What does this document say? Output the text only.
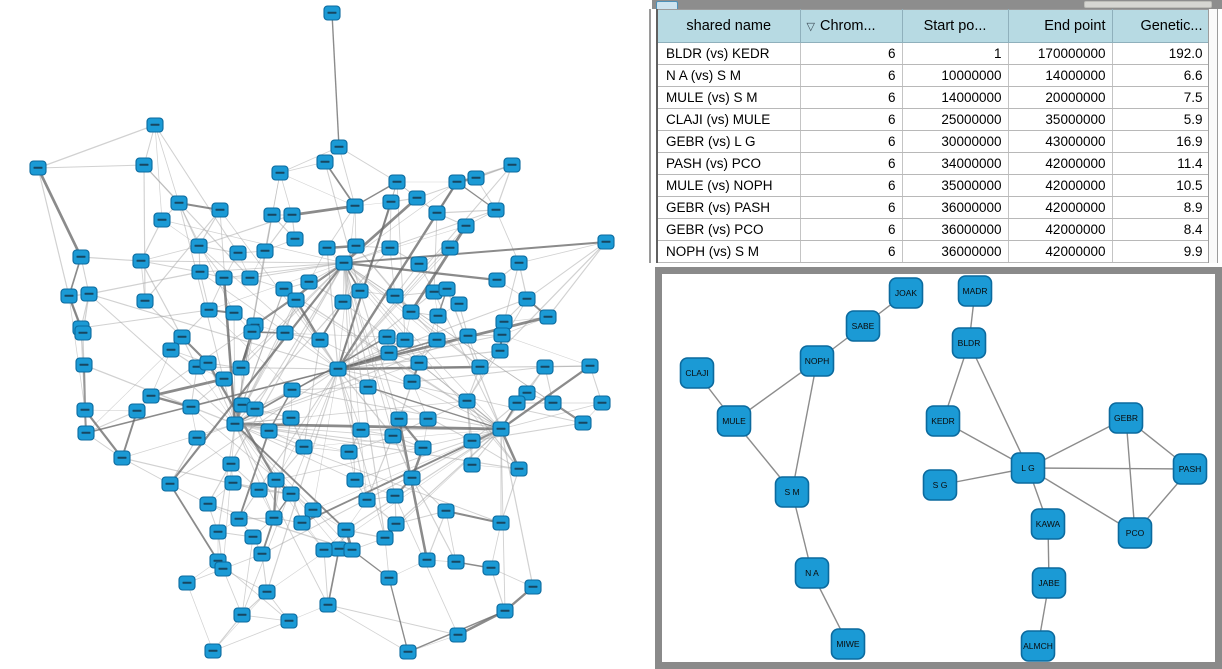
shared name	▽ Chrom...	Start po...	End point	Genetic...
BLDR (vs) KEDR	6	1	170000000	192.0
N A (vs) S M	6	10000000	14000000	6.6
MULE (vs) S M	6	14000000	20000000	7.5
CLAJI (vs) MULE	6	25000000	35000000	5.9
GEBR (vs) L G	6	30000000	43000000	16.9
PASH (vs) PCO	6	34000000	42000000	11.4
MULE (vs) NOPH	6	35000000	42000000	10.5
GEBR (vs) PASH	6	36000000	42000000	8.9
GEBR (vs) PCO	6	36000000	42000000	8.4
NOPH (vs) S M	6	36000000	42000000	9.9
JOAK
SABE
MADR
BLDR
NOPH
CLAJI
MULE	KEDR	GEBR
L G	PASH
S G
S M
KAWA
PCO
N A
JABE
MIWE	ALMCH
